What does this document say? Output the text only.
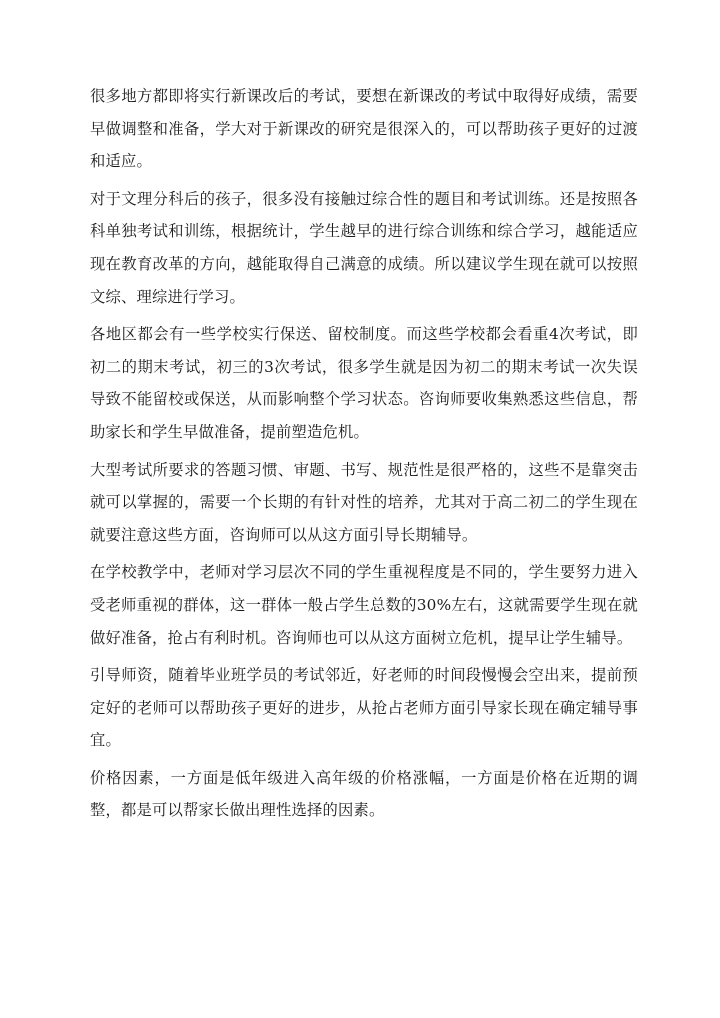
很多地方都即将实行新课改后的考试，要想在新课改的考试中取得好成绩，需要早做调整和准备，学大对于新课改的研究是很深入的，可以帮助孩子更好的过渡和适应。

对于文理分科后的孩子，很多没有接触过综合性的题目和考试训练。还是按照各科单独考试和训练，根据统计，学生越早的进行综合训练和综合学习，越能适应现在教育改革的方向，越能取得自己满意的成绩。所以建议学生现在就可以按照文综、理综进行学习。

各地区都会有一些学校实行保送、留校制度。而这些学校都会看重4次考试，即初二的期末考试，初三的3次考试，很多学生就是因为初二的期末考试一次失误导致不能留校或保送，从而影响整个学习状态。咨询师要收集熟悉这些信息，帮助家长和学生早做准备，提前塑造危机。

大型考试所要求的答题习惯、审题、书写、规范性是很严格的，这些不是靠突击就可以掌握的，需要一个长期的有针对性的培养，尤其对于高二初二的学生现在就要注意这些方面，咨询师可以从这方面引导长期辅导。

在学校教学中，老师对学习层次不同的学生重视程度是不同的，学生要努力进入受老师重视的群体，这一群体一般占学生总数的30%左右，这就需要学生现在就做好准备，抢占有利时机。咨询师也可以从这方面树立危机，提早让学生辅导。

引导师资，随着毕业班学员的考试邻近，好老师的时间段慢慢会空出来，提前预定好的老师可以帮助孩子更好的进步，从抢占老师方面引导家长现在确定辅导事宜。

价格因素，一方面是低年级进入高年级的价格涨幅，一方面是价格在近期的调整，都是可以帮家长做出理性选择的因素。
